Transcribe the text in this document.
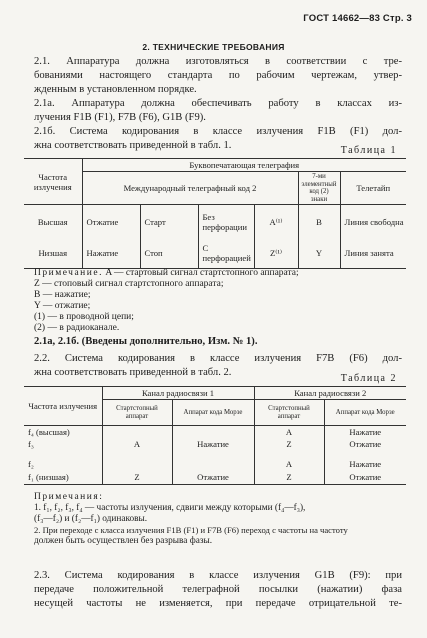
ГОСТ 14662—83 Стр. 3
2. ТЕХНИЧЕСКИЕ ТРЕБОВАНИЯ
2.1. Аппаратура должна изготовляться в соответствии с тре-
бованиями настоящего стандарта по рабочим чертежам, утвер-
жденным в установленном порядке.
2.1а. Аппаратура должна обеспечивать работу в классах из-
лучения F1B (F1), F7B (F6), G1B (F9).
2.1б. Система кодирования в классе излучения F1B (F1) дол-
жна соответствовать приведенной в табл. 1.	Таблица 1
Частота излучения	Буквопечатающая телеграфия					
	Международный телеграфный код 2				7-ми элементный код (2) знаки	Телетайп
Высшая	Отжатие	Старт	Без перфорации	A⁽¹⁾	B	Линия свободна
Низшая	Нажатие	Стоп	С перфорацией	Z⁽¹⁾	Y	Линия занята
Примечание. A — стартовый сигнал стартстопного аппарата;
Z — стоповый сигнал стартстопного аппарата;
B — нажатие;
Y — отжатие;
(1) — в проводной цепи;
(2) — в радиоканале.
2.1а, 2.1б. (Введены дополнительно, Изм. № 1).
2.2. Система кодирования в классе излучения F7B (F6) дол-
жна соответствовать приведенной в табл. 2.
Таблица 2
Частота излучения	Канал радиосвязи 1		Канал радиосвязи 2	
	Стартстопный аппарат	Аппарат кода Морзе	Стартстопный аппарат	Аппарат кода Морзе
f₄ (высшая)			A	Нажатие
f₃	A	Нажатие	Z	Отжатие
f₂			A	Нажатие
f₁ (низшая)	Z	Отжатие	Z	Отжатие
Примечания:
1. f₁, f₂, f₃, f₄ — частоты излучения, сдвиги между которыми (f₄—f₃),
(f₃—f₂) и (f₂—f₁) одинаковы.
2. При переходе с класса излучения F1B (F1) и F7B (F6) переход с частоты на частоту
должен быть осуществлен без разрыва фазы.
2.3. Система кодирования в классе излучения G1B (F9): при
передаче положительной телеграфной посылки (нажатии) фаза
несущей частоты не изменяется, при передаче отрицательной те-
